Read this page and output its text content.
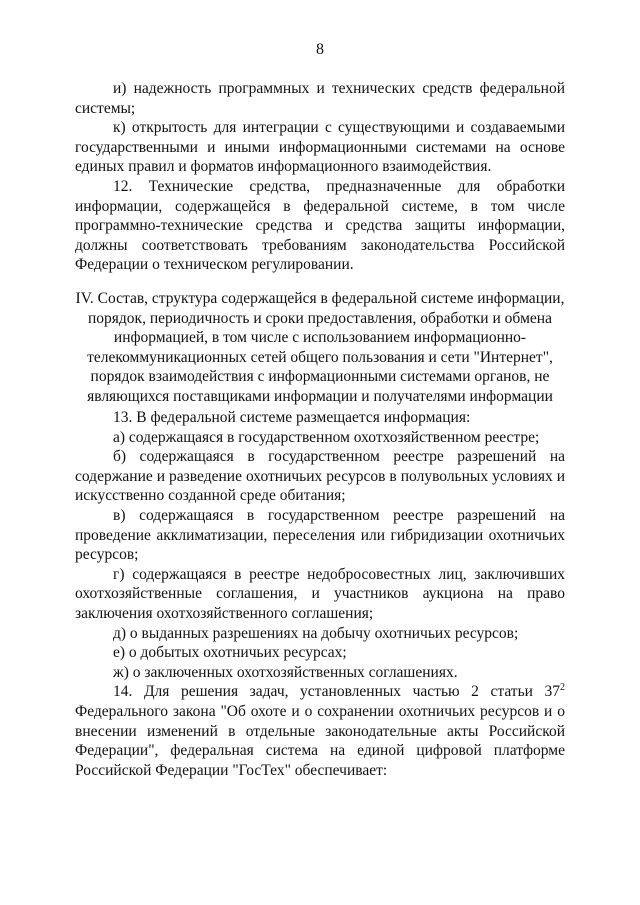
8

и) надежность программных и технических средств федеральной системы;

к) открытость для интеграции с существующими и создаваемыми государственными и иными информационными системами на основе единых правил и форматов информационного взаимодействия.

12. Технические средства, предназначенные для обработки информации, содержащейся в федеральной системе, в том числе программно-технические средства и средства защиты информации, должны соответствовать требованиям законодательства Российской Федерации о техническом регулировании.

IV. Состав, структура содержащейся в федеральной системе информации, порядок, периодичность и сроки предоставления, обработки и обмена информацией, в том числе с использованием информационно-телекоммуникационных сетей общего пользования и сети "Интернет", порядок взаимодействия с информационными системами органов, не являющихся поставщиками информации и получателями информации

13. В федеральной системе размещается информация:

а) содержащаяся в государственном охотхозяйственном реестре;

б) содержащаяся в государственном реестре разрешений на содержание и разведение охотничьих ресурсов в полувольных условиях и искусственно созданной среде обитания;

в) содержащаяся в государственном реестре разрешений на проведение акклиматизации, переселения или гибридизации охотничьих ресурсов;

г) содержащаяся в реестре недобросовестных лиц, заключивших охотхозяйственные соглашения, и участников аукциона на право заключения охотхозяйственного соглашения;

д) о выданных разрешениях на добычу охотничьих ресурсов;

е) о добытых охотничьих ресурсах;

ж) о заключенных охотхозяйственных соглашениях.

14. Для решения задач, установленных частью 2 статьи $37^2$ Федерального закона "Об охоте и о сохранении охотничьих ресурсов и о внесении изменений в отдельные законодательные акты Российской Федерации", федеральная система на единой цифровой платформе Российской Федерации "ГосТех" обеспечивает:
